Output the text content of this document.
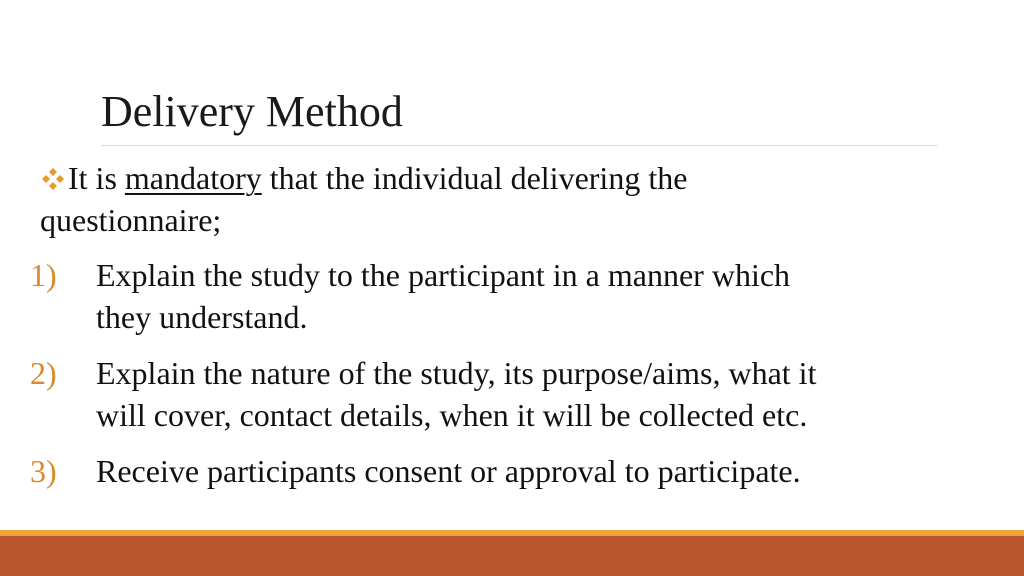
Delivery Method
It is mandatory that the individual delivering the
questionnaire;
1)	Explain the study to the participant in a manner which
they understand.
2)	Explain the nature of the study, its purpose/aims, what it
will cover, contact details, when it will be collected etc.
3)	Receive participants consent or approval to participate.
